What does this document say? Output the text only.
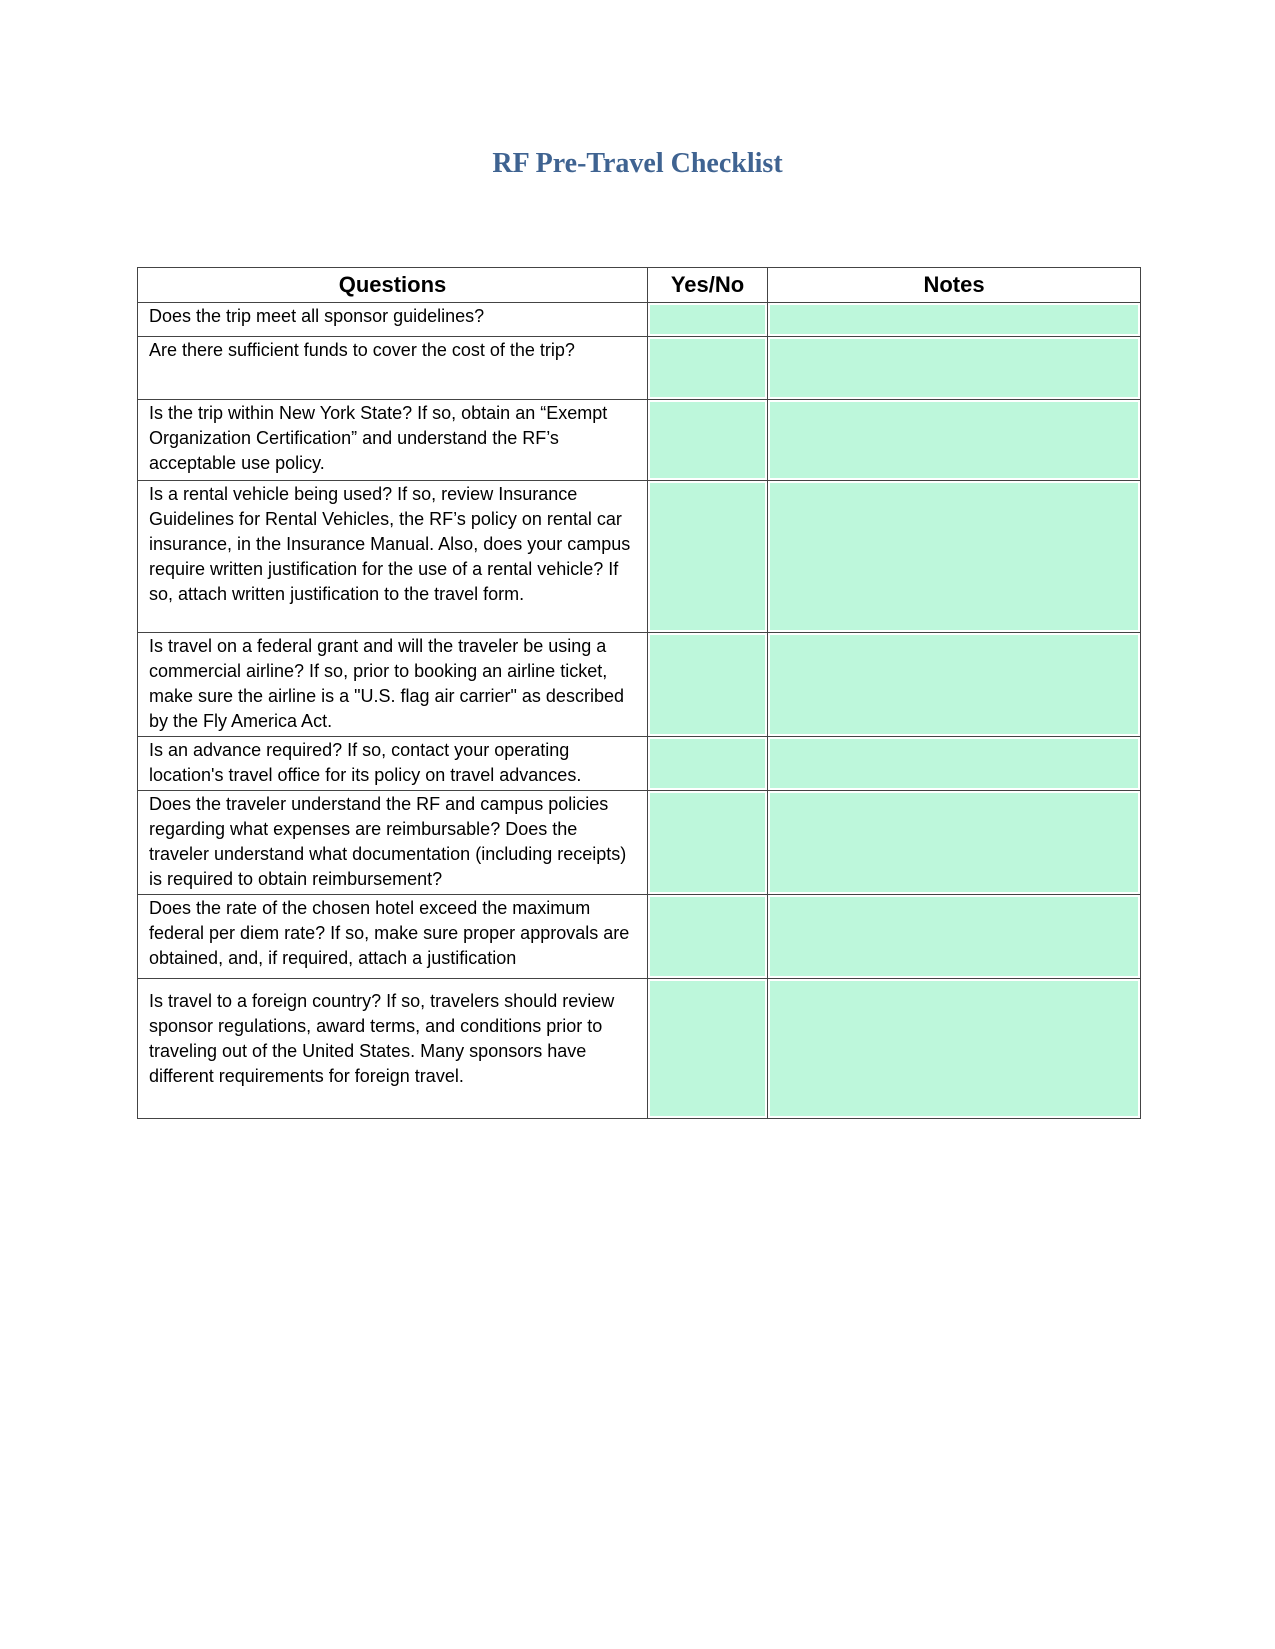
RF Pre-Travel Checklist
Questions	Yes/No	Notes
Does the trip meet all sponsor guidelines?	

Are there sufficient funds to cover the cost of the trip?	

Is the trip within New York State? If so, obtain an “Exempt Organization Certification” and understand the RF’s acceptable use policy.	

Is a rental vehicle being used? If so, review Insurance Guidelines for Rental Vehicles, the RF’s policy on rental car insurance, in the Insurance Manual. Also, does your campus require written justification for the use of a rental vehicle? If so, attach written justification to the travel form.	

Is travel on a federal grant and will the traveler be using a commercial airline? If so, prior to booking an airline ticket, make sure the airline is a "U.S. flag air carrier" as described by the Fly America Act.	

Is an advance required? If so, contact your operating location's travel office for its policy on travel advances.	

Does the traveler understand the RF and campus policies regarding what expenses are reimbursable? Does the traveler understand what documentation (including receipts) is required to obtain reimbursement?	

Does the rate of the chosen hotel exceed the maximum federal per diem rate? If so, make sure proper approvals are obtained, and, if required, attach a justification	

Is travel to a foreign country? If so, travelers should review sponsor regulations, award terms, and conditions prior to traveling out of the United States. Many sponsors have different requirements for foreign travel.	
